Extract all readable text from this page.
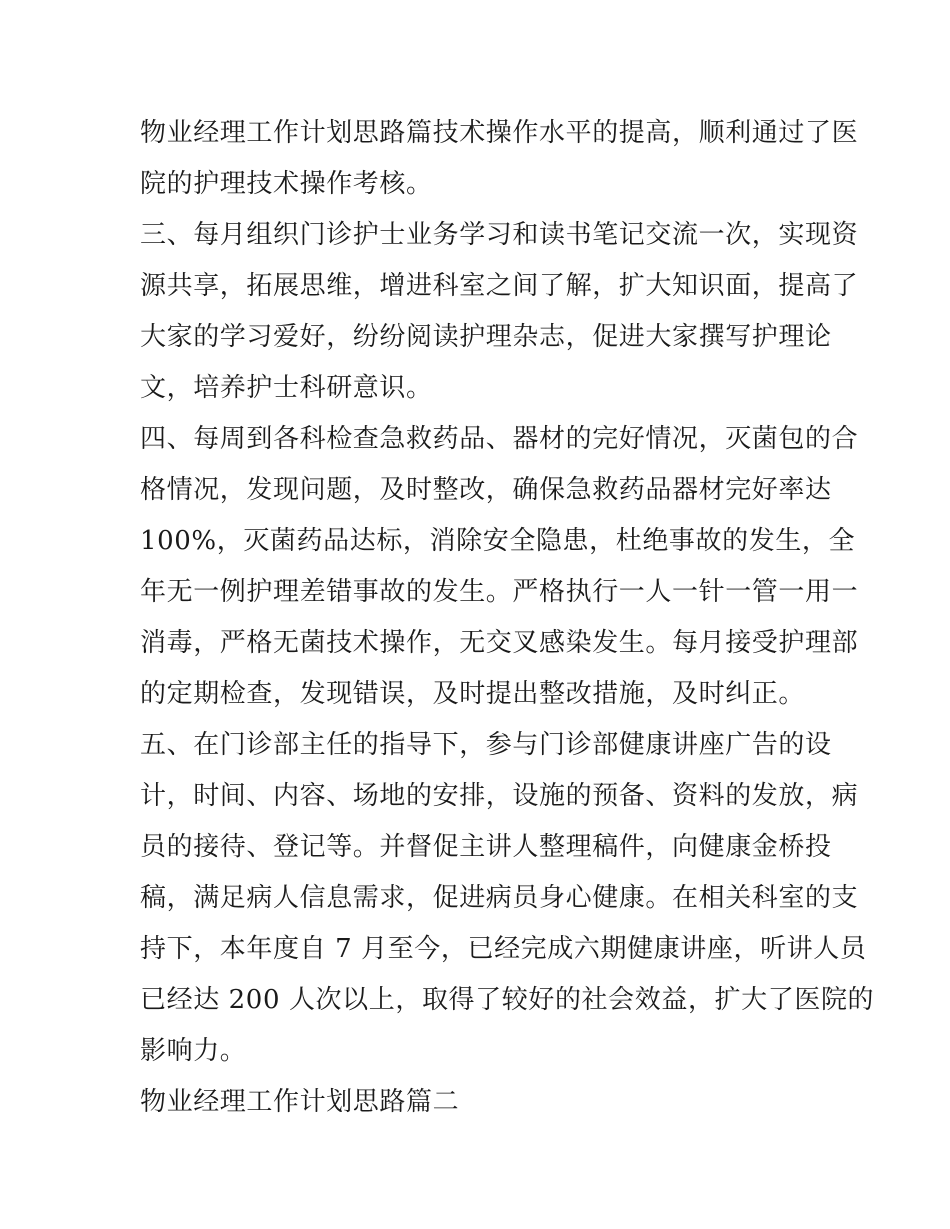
物业经理工作计划思路篇技术操作水平的提高，顺利通过了医
院的护理技术操作考核。
三、每月组织门诊护士业务学习和读书笔记交流一次，实现资
源共享，拓展思维，增进科室之间了解，扩大知识面，提高了
大家的学习爱好，纷纷阅读护理杂志，促进大家撰写护理论
文，培养护士科研意识。
四、每周到各科检查急救药品、器材的完好情况，灭菌包的合
格情况，发现问题，及时整改，确保急救药品器材完好率达
100%，灭菌药品达标，消除安全隐患，杜绝事故的发生，全
年无一例护理差错事故的发生。严格执行一人一针一管一用一
消毒，严格无菌技术操作，无交叉感染发生。每月接受护理部
的定期检查，发现错误，及时提出整改措施，及时纠正。
五、在门诊部主任的指导下，参与门诊部健康讲座广告的设
计，时间、内容、场地的安排，设施的预备、资料的发放，病
员的接待、登记等。并督促主讲人整理稿件，向健康金桥投
稿，满足病人信息需求，促进病员身心健康。在相关科室的支
持下，本年度自 7 月至今，已经完成六期健康讲座，听讲人员
已经达 200 人次以上，取得了较好的社会效益，扩大了医院的
影响力。
物业经理工作计划思路篇二
